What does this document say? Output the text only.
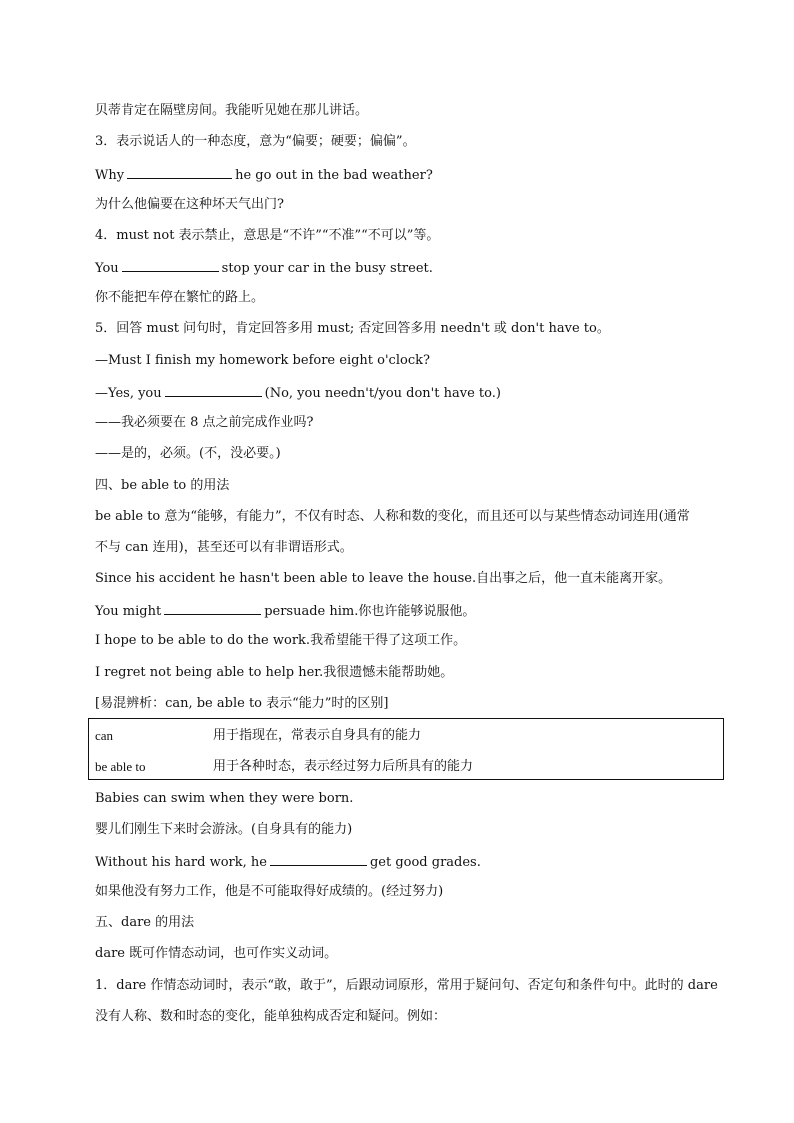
贝蒂肯定在隔壁房间。我能听见她在那儿讲话。
3．表示说话人的一种态度，意为“偏要；硬要；偏偏”。
Why	he go out in the bad weather?
为什么他偏要在这种坏天气出门?
4．must not 表示禁止，意思是“不许”“不准”“不可以”等。
You	stop your car in the busy street.
你不能把车停在繁忙的路上。
5．回答 must 问句时，肯定回答多用 must; 否定回答多用 needn't 或 don't have to。
—Must I finish my homework before eight o'clock?
—Yes, you	(No, you needn't/you don't have to.)
——我必须要在 8 点之前完成作业吗?
——是的，必须。(不，没必要。)
四、be able to 的用法
be able to 意为“能够，有能力”，不仅有时态、人称和数的变化，而且还可以与某些情态动词连用(通常
不与 can 连用)，甚至还可以有非谓语形式。
Since his accident he hasn't been able to leave the house.自出事之后，他一直未能离开家。
You might	persuade him.你也许能够说服他。
I hope to be able to do the work.我希望能干得了这项工作。
I regret not being able to help her.我很遗憾未能帮助她。
[易混辨析：can, be able to 表示“能力”时的区别]
Babies can swim when they were born.
婴儿们刚生下来时会游泳。(自身具有的能力)
Without his hard work, he	get good grades.
如果他没有努力工作，他是不可能取得好成绩的。(经过努力)
五、dare 的用法
dare 既可作情态动词，也可作实义动词。
1．dare 作情态动词时，表示“敢，敢于”，后跟动词原形，常用于疑问句、否定句和条件句中。此时的 dare
没有人称、数和时态的变化，能单独构成否定和疑问。例如：
can	用于指现在，常表示自身具有的能力
be able to	用于各种时态，表示经过努力后所具有的能力
